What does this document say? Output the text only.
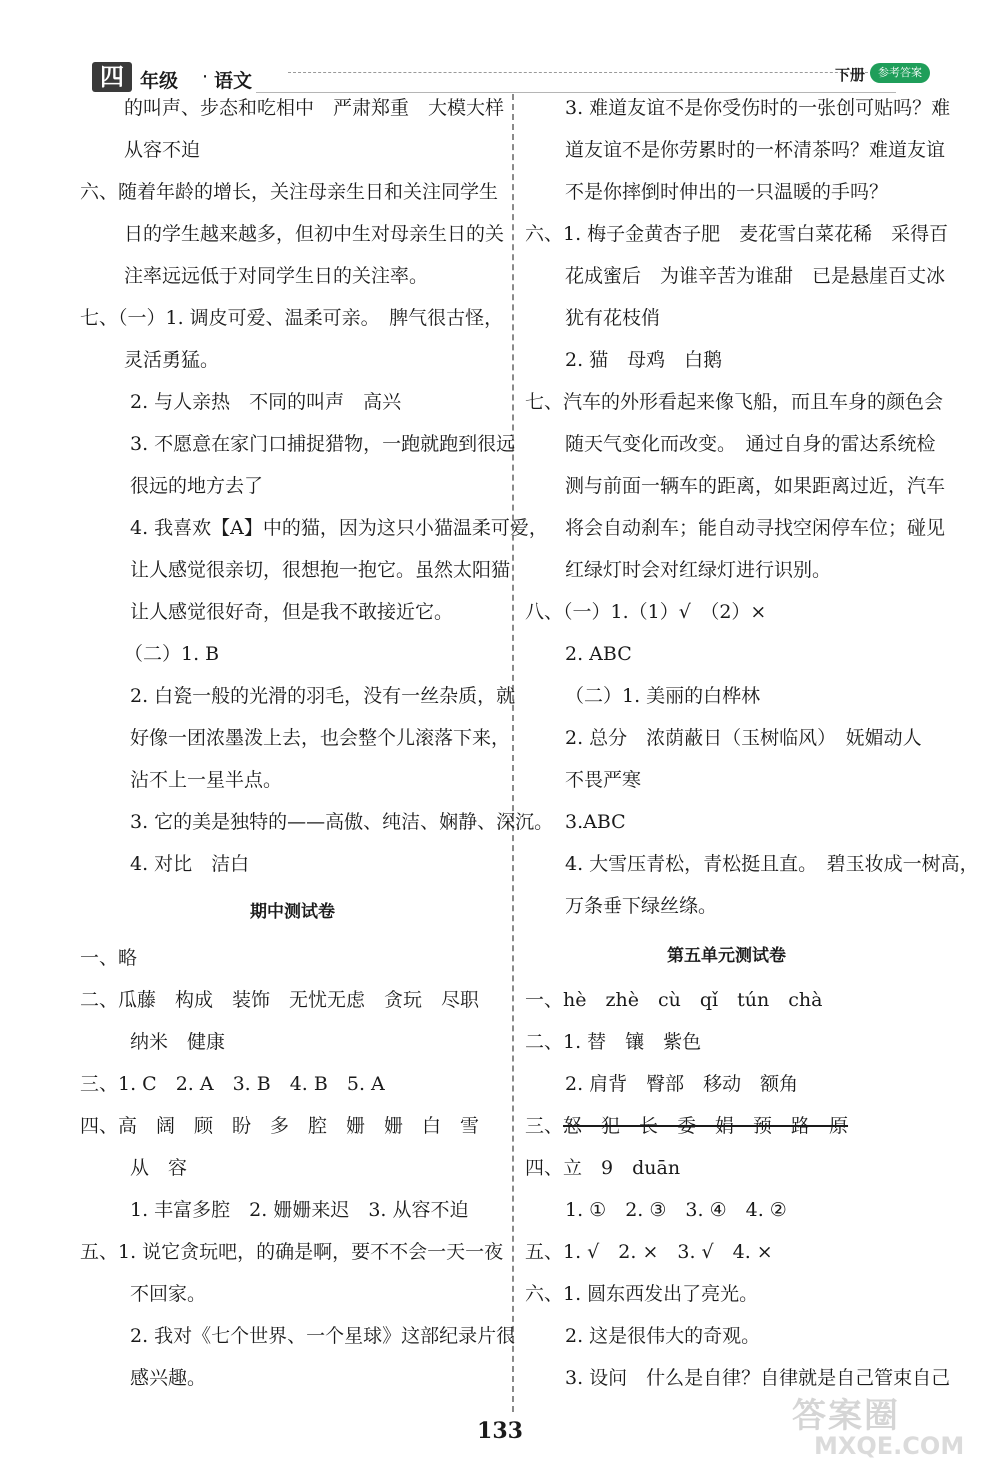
四 年级 · 语文	下册	参考答案
的叫声、步态和吃相中　严肃郑重　大模大样
从容不迫
六、随着年龄的增长，关注母亲生日和关注同学生
日的学生越来越多，但初中生对母亲生日的关
注率远远低于对同学生日的关注率。
七、（一）1. 调皮可爱、温柔可亲。　脾气很古怪，
灵活勇猛。
2. 与人亲热　不同的叫声　高兴
3. 不愿意在家门口捕捉猎物，一跑就跑到很远
很远的地方去了
4. 我喜欢【A】中的猫，因为这只小猫温柔可爱，
让人感觉很亲切，很想抱一抱它。虽然太阳猫
让人感觉很好奇，但是我不敢接近它。
（二）1. B
2. 白瓷一般的光滑的羽毛，没有一丝杂质，就
好像一团浓墨泼上去，也会整个儿滚落下来，
沾不上一星半点。
3. 它的美是独特的——高傲、纯洁、娴静、深沉。
4. 对比　洁白
期中测试卷
一、略
二、瓜藤　构成　装饰　无忧无虑　贪玩　尽职
纳米　健康
三、1. C　2. A　3. B　4. B　5. A
四、高　阔　顾　盼　多　腔　姗　姗　白　雪
从　容
1. 丰富多腔　2. 姗姗来迟　3. 从容不迫
五、1. 说它贪玩吧，的确是啊，要不不会一天一夜
不回家。
2. 我对《七个世界、一个星球》这部纪录片很
感兴趣。
3. 难道友谊不是你受伤时的一张创可贴吗？难
道友谊不是你劳累时的一杯清茶吗？难道友谊
不是你摔倒时伸出的一只温暖的手吗？
六、1. 梅子金黄杏子肥　麦花雪白菜花稀　采得百
花成蜜后　为谁辛苦为谁甜　已是悬崖百丈冰
犹有花枝俏
2. 猫　母鸡　白鹅
七、汽车的外形看起来像飞船，而且车身的颜色会
随天气变化而改变。　通过自身的雷达系统检
测与前面一辆车的距离，如果距离过近，汽车
将会自动刹车；能自动寻找空闲停车位；碰见
红绿灯时会对红绿灯进行识别。
八、（一）1.（1）√　（2）×
2. ABC
（二）1. 美丽的白桦林
2. 总分　浓荫蔽日（玉树临风）　妩媚动人
不畏严寒
3.ABC
4. 大雪压青松，青松挺且直。　碧玉妆成一树高，
万条垂下绿丝绦。
第五单元测试卷
一、hè　zhè　cù　qǐ　tún　chà
二、1. 替　镶　紫色
2. 肩背　臀部　移动　额角
三、怒　犯　长　委　娟　预　路　原
四、立　9　duān
1. ①　2. ③　3. ④　4. ②
五、1. √　2. ×　3. √　4. ×
六、1. 圆东西发出了亮光。
2. 这是很伟大的奇观。
3. 设问　什么是自律？自律就是自己管束自己
133	答案圈
MXQE.COM
